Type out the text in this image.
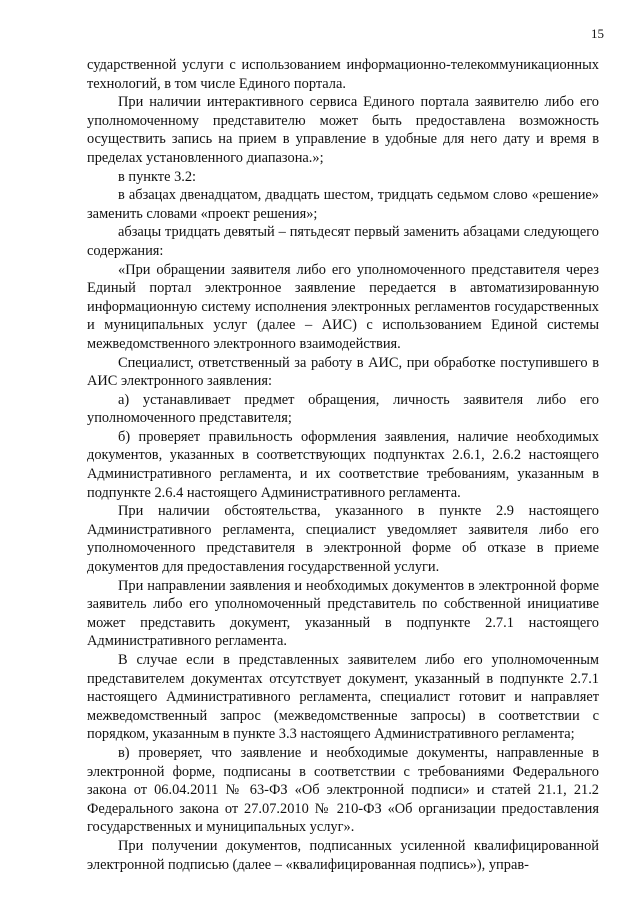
15

сударственной услуги с использованием информационно-телекоммуникационных технологий, в том числе Единого портала.

При наличии интерактивного сервиса Единого портала заявителю либо его уполномоченному представителю может быть предоставлена возможность осуществить запись на прием в управление в удобные для него дату и время в пределах установленного диапазона.»;

в пункте 3.2:

в абзацах двенадцатом, двадцать шестом, тридцать седьмом слово «решение» заменить словами «проект решения»;

абзацы тридцать девятый – пятьдесят первый заменить абзацами следующего содержания:

«При обращении заявителя либо его уполномоченного представителя через Единый портал электронное заявление передается в автоматизированную информационную систему исполнения электронных регламентов государственных и муниципальных услуг (далее – АИС) с использованием Единой системы межведомственного электронного взаимодействия.

Специалист, ответственный за работу в АИС, при обработке поступившего в АИС электронного заявления:

а) устанавливает предмет обращения, личность заявителя либо его уполномоченного представителя;

б) проверяет правильность оформления заявления, наличие необходимых документов, указанных в соответствующих подпунктах 2.6.1, 2.6.2 настоящего Административного регламента, и их соответствие требованиям, указанным в подпункте 2.6.4 настоящего Административного регламента.

При наличии обстоятельства, указанного в пункте 2.9 настоящего Административного регламента, специалист уведомляет заявителя либо его уполномоченного представителя в электронной форме об отказе в приеме документов для предоставления государственной услуги.

При направлении заявления и необходимых документов в электронной форме заявитель либо его уполномоченный представитель по собственной инициативе может представить документ, указанный в подпункте 2.7.1 настоящего Административного регламента.

В случае если в представленных заявителем либо его уполномоченным представителем документах отсутствует документ, указанный в подпункте 2.7.1 настоящего Административного регламента, специалист готовит и направляет межведомственный запрос (межведомственные запросы) в соответствии с порядком, указанным в пункте 3.3 настоящего Административного регламента;

в) проверяет, что заявление и необходимые документы, направленные в электронной форме, подписаны в соответствии с требованиями Федерального закона от 06.04.2011 № 63-ФЗ «Об электронной подписи» и статей 21.1, 21.2 Федерального закона от 27.07.2010 № 210-ФЗ «Об организации предоставления государственных и муниципальных услуг».

При получении документов, подписанных усиленной квалифицированной электронной подписью (далее – «квалифицированная подпись»), управ-
